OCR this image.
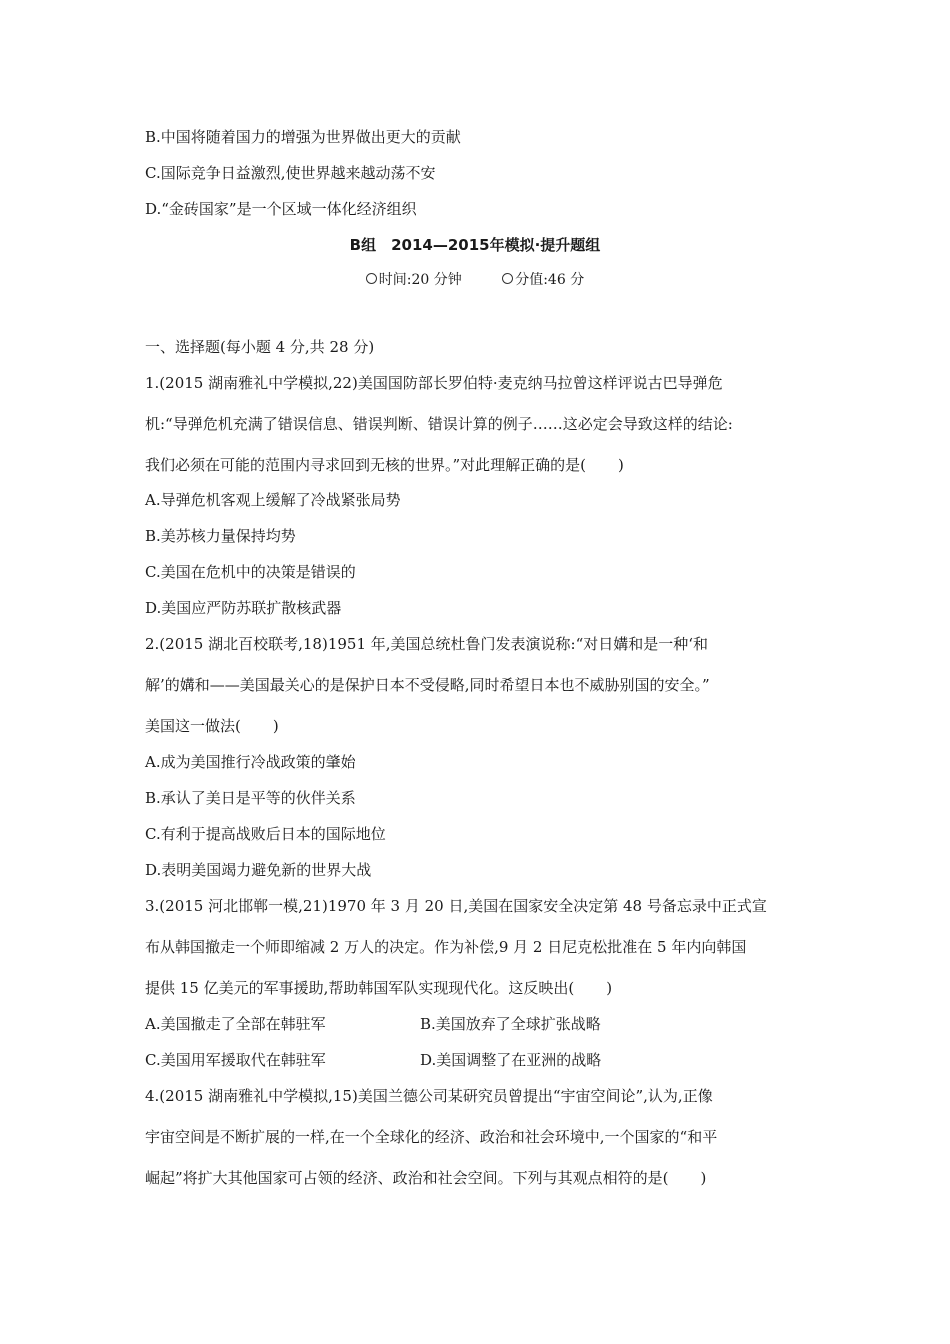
B.中国将随着国力的增强为世界做出更大的贡献
C.国际竞争日益激烈,使世界越来越动荡不安
D.“金砖国家”是一个区域一体化经济组织
B组　2014—2015年模拟·提升题组
时间:20 分钟	分值:46 分
一、选择题(每小题 4 分,共 28 分)
1.(2015 湖南雅礼中学模拟,22)美国国防部长罗伯特·麦克纳马拉曾这样评说古巴导弹危
机:“导弹危机充满了错误信息、错误判断、错误计算的例子……这必定会导致这样的结论:
我们必须在可能的范围内寻求回到无核的世界。”对此理解正确的是( )
A.导弹危机客观上缓解了冷战紧张局势
B.美苏核力量保持均势
C.美国在危机中的决策是错误的
D.美国应严防苏联扩散核武器
2.(2015 湖北百校联考,18)1951 年,美国总统杜鲁门发表演说称:“对日媾和是一种‘和
解’的媾和——美国最关心的是保护日本不受侵略,同时希望日本也不威胁别国的安全。”
美国这一做法( )
A.成为美国推行冷战政策的肇始
B.承认了美日是平等的伙伴关系
C.有利于提高战败后日本的国际地位
D.表明美国竭力避免新的世界大战
3.(2015 河北邯郸一模,21)1970 年 3 月 20 日,美国在国家安全决定第 48 号备忘录中正式宣
布从韩国撤走一个师即缩减 2 万人的决定。作为补偿,9 月 2 日尼克松批准在 5 年内向韩国
提供 15 亿美元的军事援助,帮助韩国军队实现现代化。这反映出( )
A.美国撤走了全部在韩驻军	B.美国放弃了全球扩张战略
C.美国用军援取代在韩驻军	D.美国调整了在亚洲的战略
4.(2015 湖南雅礼中学模拟,15)美国兰德公司某研究员曾提出“宇宙空间论”,认为,正像
宇宙空间是不断扩展的一样,在一个全球化的经济、政治和社会环境中,一个国家的“和平
崛起”将扩大其他国家可占领的经济、政治和社会空间。下列与其观点相符的是( )
